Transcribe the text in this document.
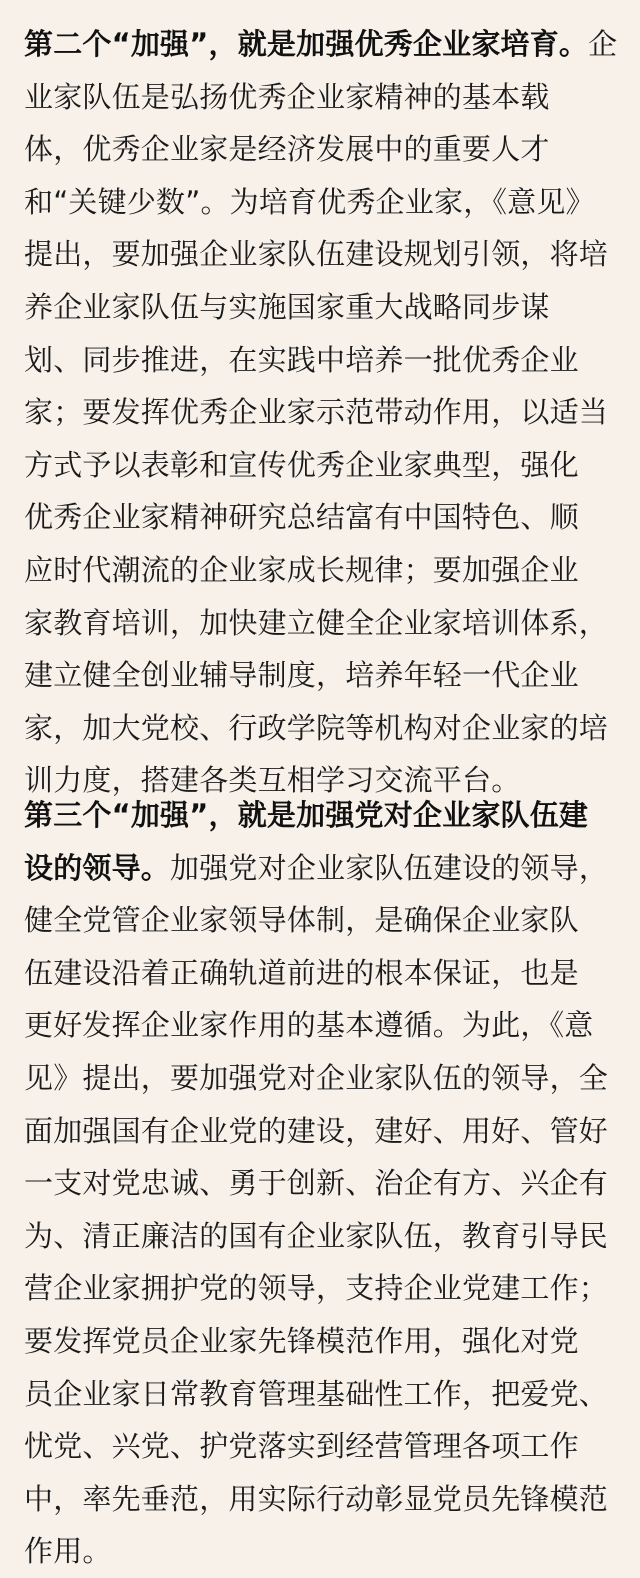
第二个“加强”，就是加强优秀企业家培育。企
业家队伍是弘扬优秀企业家精神的基本载
体，优秀企业家是经济发展中的重要人才
和“关键少数”。为培育优秀企业家，《意见》
提出，要加强企业家队伍建设规划引领，将培
养企业家队伍与实施国家重大战略同步谋
划、同步推进，在实践中培养一批优秀企业
家；要发挥优秀企业家示范带动作用，以适当
方式予以表彰和宣传优秀企业家典型，强化
优秀企业家精神研究总结富有中国特色、顺
应时代潮流的企业家成长规律；要加强企业
家教育培训，加快建立健全企业家培训体系，
建立健全创业辅导制度，培养年轻一代企业
家，加大党校、行政学院等机构对企业家的培
训力度，搭建各类互相学习交流平台。
第三个“加强”，就是加强党对企业家队伍建
设的领导。加强党对企业家队伍建设的领导，
健全党管企业家领导体制，是确保企业家队
伍建设沿着正确轨道前进的根本保证，也是
更好发挥企业家作用的基本遵循。为此，《意
见》提出，要加强党对企业家队伍的领导，全
面加强国有企业党的建设，建好、用好、管好
一支对党忠诚、勇于创新、治企有方、兴企有
为、清正廉洁的国有企业家队伍，教育引导民
营企业家拥护党的领导，支持企业党建工作；
要发挥党员企业家先锋模范作用，强化对党
员企业家日常教育管理基础性工作，把爱党、
忧党、兴党、护党落实到经营管理各项工作
中，率先垂范，用实际行动彰显党员先锋模范
作用。
